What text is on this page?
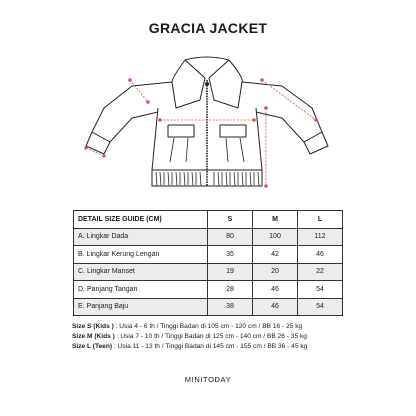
GRACIA JACKET
DETAIL SIZE GUIDE (CM)	S	M	L
A. Lingkar Dada	80	100	112
B. Lingkar Kerung Lengan	35	42	46
C. Lingkar Manset	19	20	22
D. Panjang Tangan	28	46	54
E. Panjang Baju	38	46	54
Size S (Kids ) : Usia 4 - 6 th / Tinggi Badan di 105 cm - 120 cm / BB 16 - 25 kg
Size M (Kids ) : Usia 7 - 10 th / Tinggi Badan di 125 cm - 140 cm / BB 26 - 35 kg
Size L (Teen) : Usia 11 - 13 th / Tinggi Badan di 145 cm - 155 cm / BB 36 - 45 kg
MINITODAY
